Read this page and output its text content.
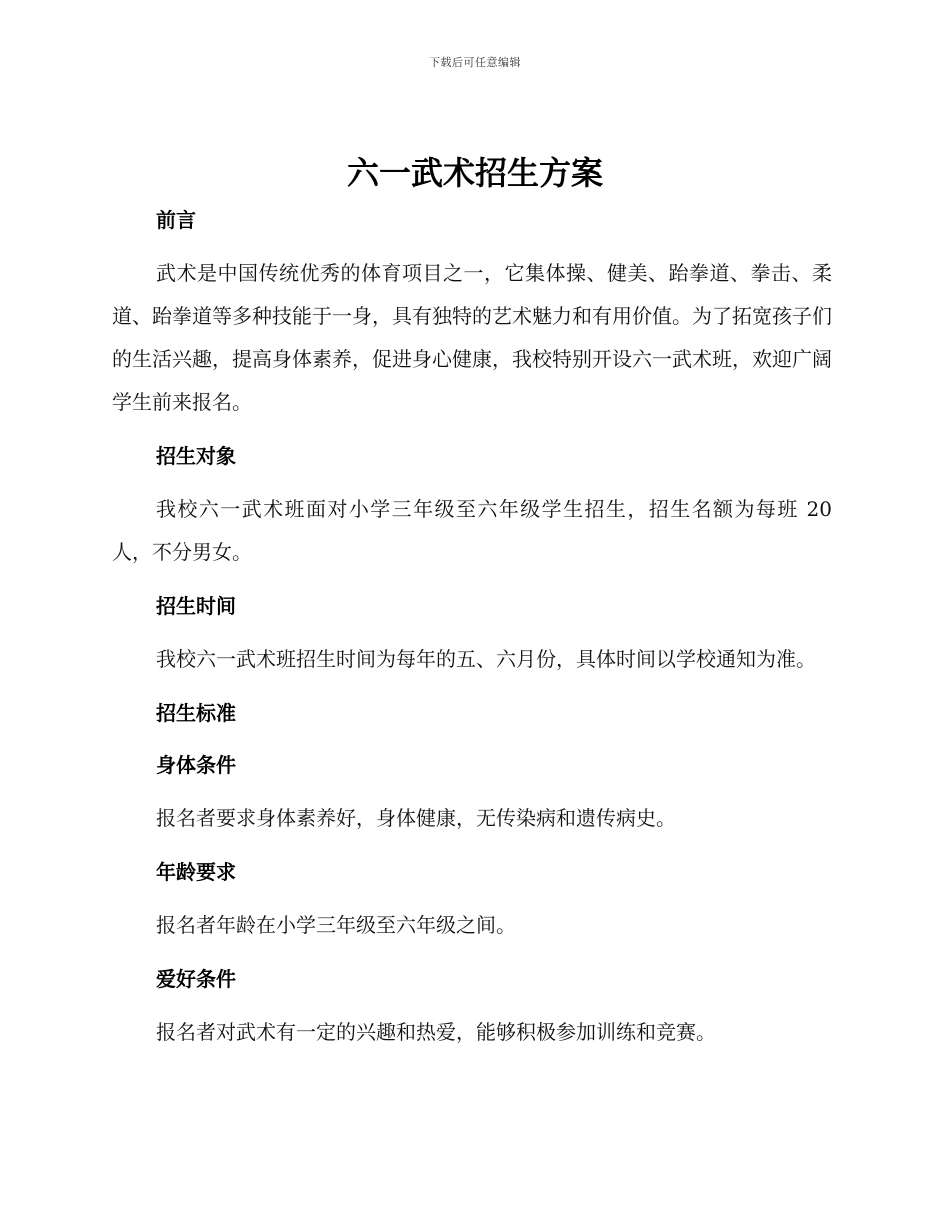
下载后可任意编辑
六一武术招生方案

前言

武术是中国传统优秀的体育项目之一，它集体操、健美、跆拳道、拳击、柔道、跆拳道等多种技能于一身，具有独特的艺术魅力和有用价值。为了拓宽孩子们的生活兴趣，提高身体素养，促进身心健康，我校特别开设六一武术班，欢迎广阔学生前来报名。

招生对象

我校六一武术班面对小学三年级至六年级学生招生，招生名额为每班 20 人，不分男女。

招生时间

我校六一武术班招生时间为每年的五、六月份，具体时间以学校通知为准。

招生标准

身体条件

报名者要求身体素养好，身体健康，无传染病和遗传病史。

年龄要求

报名者年龄在小学三年级至六年级之间。

爱好条件

报名者对武术有一定的兴趣和热爱，能够积极参加训练和竞赛。
